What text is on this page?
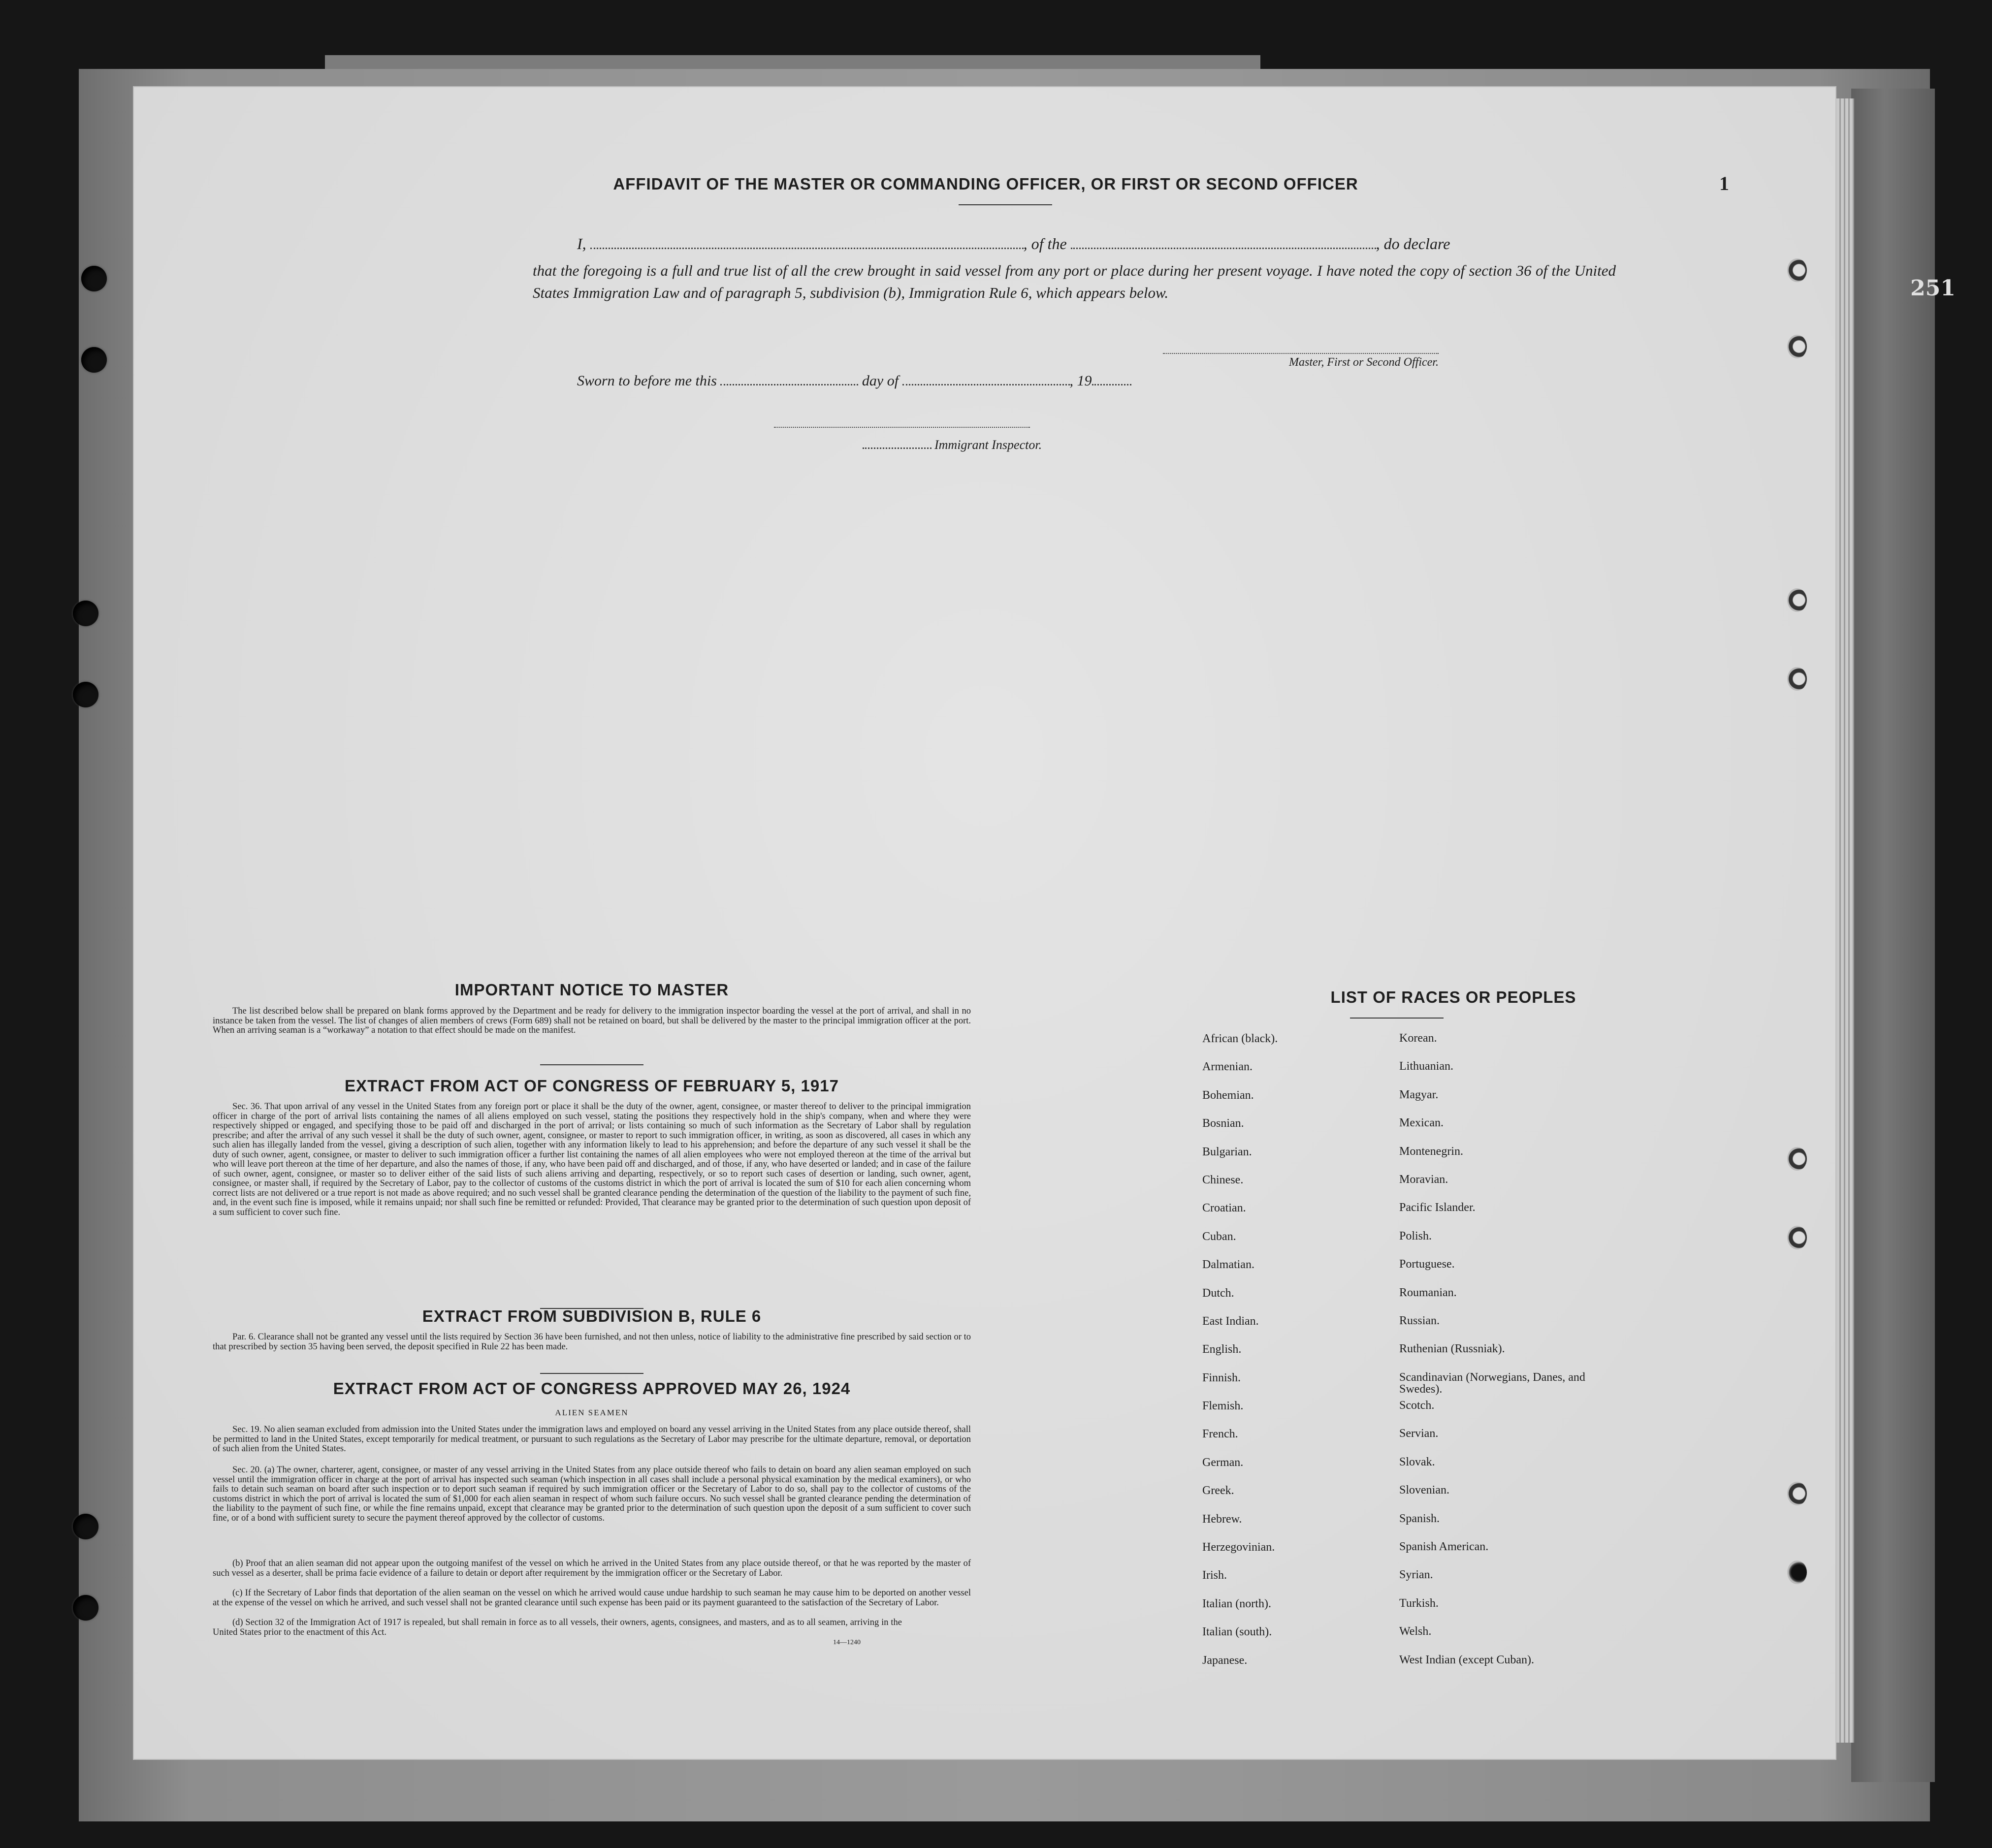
251
AFFIDAVIT OF THE MASTER OR COMMANDING OFFICER, OR FIRST OR SECOND OFFICER	1
I,	, of the	, do declare
that the foregoing is a full and true list of all the crew brought in said vessel from any port or place during her present voyage. I have noted the copy of section 36 of the United States Immigration Law and of paragraph 5, subdivision (b), Immigration Rule 6, which appears below.
Master, First or Second Officer.
Sworn to before me this	day of	, 19
Immigrant Inspector.
IMPORTANT NOTICE TO MASTER
The list described below shall be prepared on blank forms approved by the Department and be ready for delivery to the immigration inspector boarding the vessel at the port of arrival, and shall in no instance be taken from the vessel. The list of changes of alien members of crews (Form 689) shall not be retained on board, but shall be delivered by the master to the principal immigration officer at the port. When an arriving seaman is a “workaway” a notation to that effect should be made on the manifest.
EXTRACT FROM ACT OF CONGRESS OF FEBRUARY 5, 1917
Sec. 36. That upon arrival of any vessel in the United States from any foreign port or place it shall be the duty of the owner, agent, consignee, or master thereof to deliver to the principal immigration officer in charge of the port of arrival lists containing the names of all aliens employed on such vessel, stating the positions they respectively hold in the ship's company, when and where they were respectively shipped or engaged, and specifying those to be paid off and discharged in the port of arrival; or lists containing so much of such information as the Secretary of Labor shall by regulation prescribe; and after the arrival of any such vessel it shall be the duty of such owner, agent, consignee, or master to report to such immigration officer, in writing, as soon as discovered, all cases in which any such alien has illegally landed from the vessel, giving a description of such alien, together with any information likely to lead to his apprehension; and before the departure of any such vessel it shall be the duty of such owner, agent, consignee, or master to deliver to such immigration officer a further list containing the names of all alien employees who were not employed thereon at the time of the arrival but who will leave port thereon at the time of her departure, and also the names of those, if any, who have been paid off and discharged, and of those, if any, who have deserted or landed; and in case of the failure of such owner, agent, consignee, or master so to deliver either of the said lists of such aliens arriving and departing, respectively, or so to report such cases of desertion or landing, such owner, agent, consignee, or master shall, if required by the Secretary of Labor, pay to the collector of customs of the customs district in which the port of arrival is located the sum of $10 for each alien concerning whom correct lists are not delivered or a true report is not made as above required; and no such vessel shall be granted clearance pending the determination of the question of the liability to the payment of such fine, and, in the event such fine is imposed, while it remains unpaid; nor shall such fine be remitted or refunded: Provided, That clearance may be granted prior to the determination of such question upon deposit of a sum sufficient to cover such fine.
EXTRACT FROM SUBDIVISION B, RULE 6
Par. 6. Clearance shall not be granted any vessel until the lists required by Section 36 have been furnished, and not then unless, notice of liability to the administrative fine prescribed by said section or to that prescribed by section 35 having been served, the deposit specified in Rule 22 has been made.
EXTRACT FROM ACT OF CONGRESS APPROVED MAY 26, 1924
ALIEN SEAMEN
Sec. 19. No alien seaman excluded from admission into the United States under the immigration laws and employed on board any vessel arriving in the United States from any place outside thereof, shall be permitted to land in the United States, except temporarily for medical treatment, or pursuant to such regulations as the Secretary of Labor may prescribe for the ultimate departure, removal, or deportation of such alien from the United States.
Sec. 20. (a) The owner, charterer, agent, consignee, or master of any vessel arriving in the United States from any place outside thereof who fails to detain on board any alien seaman employed on such vessel until the immigration officer in charge at the port of arrival has inspected such seaman (which inspection in all cases shall include a personal physical examination by the medical examiners), or who fails to detain such seaman on board after such inspection or to deport such seaman if required by such immigration officer or the Secretary of Labor to do so, shall pay to the collector of customs of the customs district in which the port of arrival is located the sum of $1,000 for each alien seaman in respect of whom such failure occurs. No such vessel shall be granted clearance pending the determination of the liability to the payment of such fine, or while the fine remains unpaid, except that clearance may be granted prior to the determination of such question upon the deposit of a sum sufficient to cover such fine, or of a bond with sufficient surety to secure the payment thereof approved by the collector of customs.
(b) Proof that an alien seaman did not appear upon the outgoing manifest of the vessel on which he arrived in the United States from any place outside thereof, or that he was reported by the master of such vessel as a deserter, shall be prima facie evidence of a failure to detain or deport after requirement by the immigration officer or the Secretary of Labor.
(c) If the Secretary of Labor finds that deportation of the alien seaman on the vessel on which he arrived would cause undue hardship to such seaman he may cause him to be deported on another vessel at the expense of the vessel on which he arrived, and such vessel shall not be granted clearance until such expense has been paid or its payment guaranteed to the satisfaction of the Secretary of Labor.
(d) Section 32 of the Immigration Act of 1917 is repealed, but shall remain in force as to all vessels, their owners, agents, consignees, and masters, and as to all seamen, arriving in the United States prior to the enactment of this Act.
14—1240
LIST OF RACES OR PEOPLES
African (black).	Korean.
Armenian.	Lithuanian.
Bohemian.	Magyar.
Bosnian.	Mexican.
Bulgarian.	Montenegrin.
Chinese.	Moravian.
Croatian.	Pacific Islander.
Cuban.	Polish.
Dalmatian.	Portuguese.
Dutch.	Roumanian.
East Indian.	Russian.
English.	Ruthenian (Russniak).
Finnish.	Scandinavian (Norwegians, Danes, and Swedes).
Flemish.	Scotch.
French.	Servian.
German.	Slovak.
Greek.	Slovenian.
Hebrew.	Spanish.
Herzegovinian.	Spanish American.
Irish.	Syrian.
Italian (north).	Turkish.
Italian (south).	Welsh.
Japanese.	West Indian (except Cuban).
